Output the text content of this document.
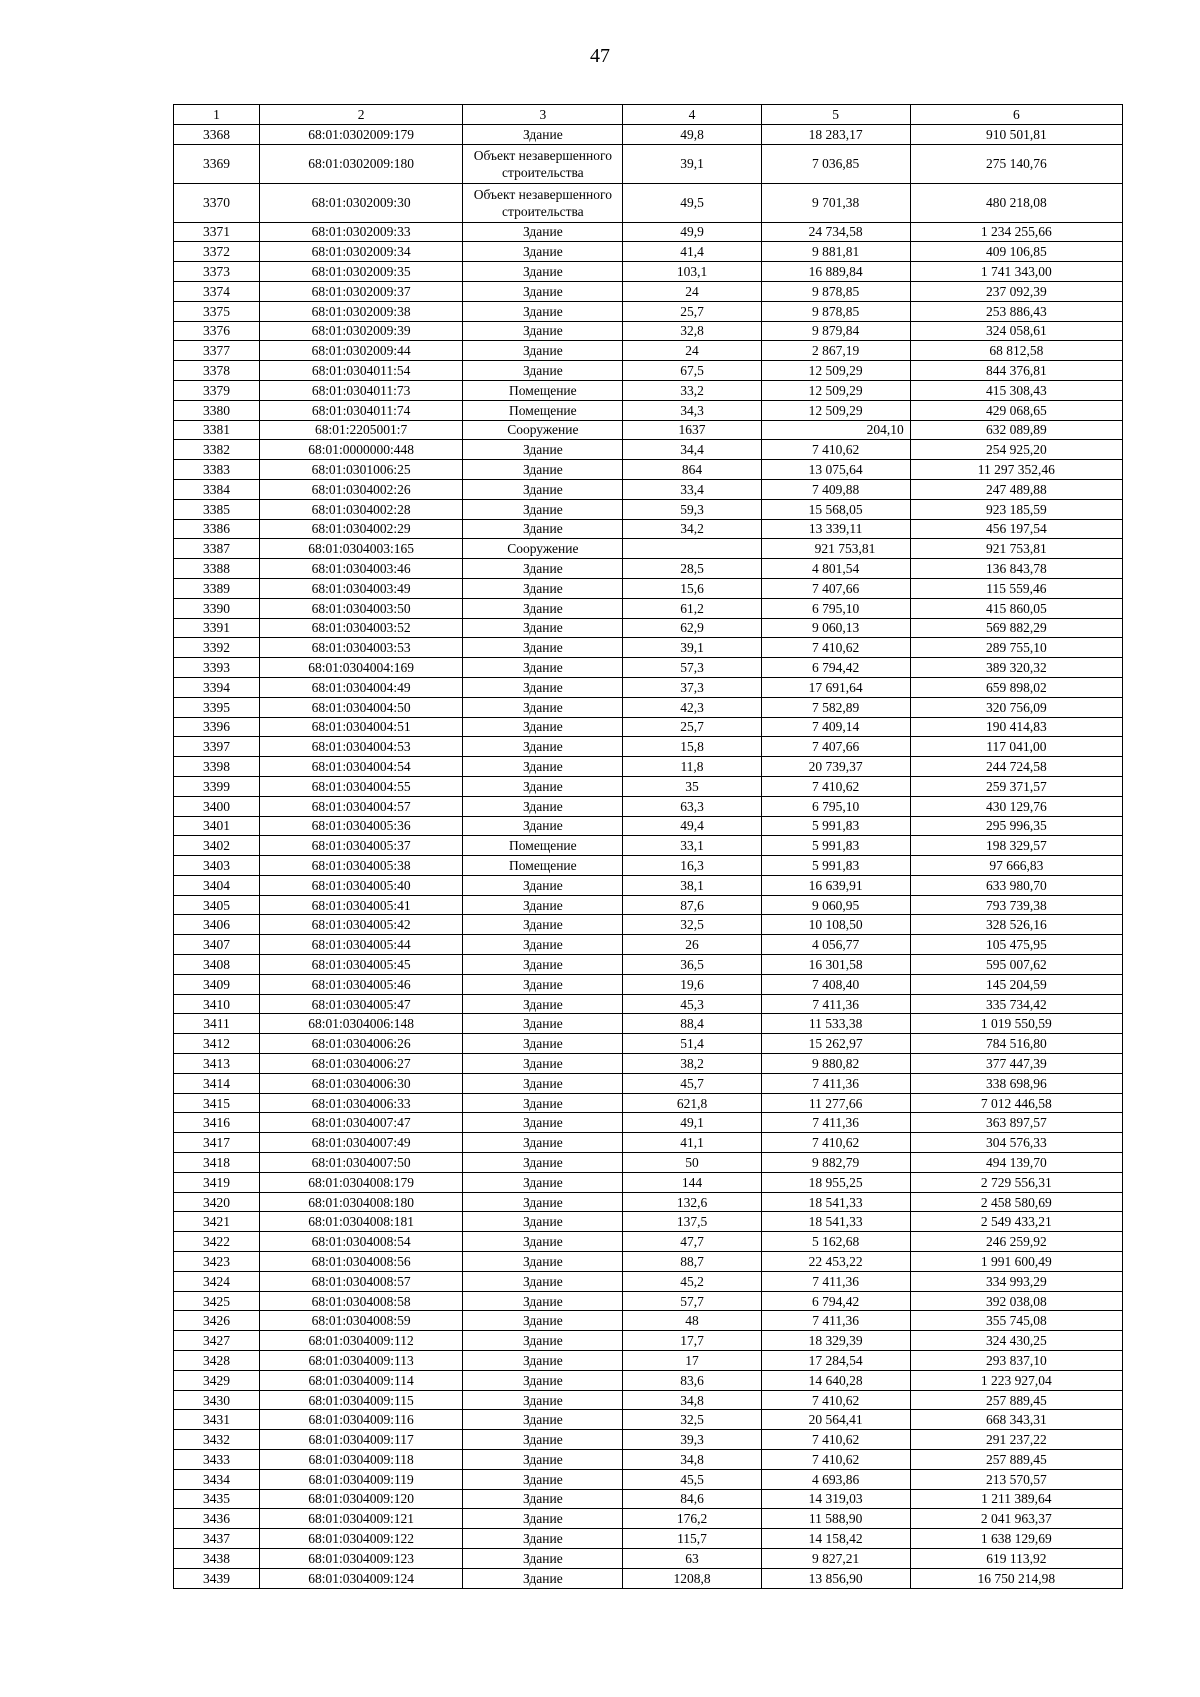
47
1	2	3	4	5	6
3368	68:01:0302009:179	Здание	49,8	18 283,17	910 501,81
3369	68:01:0302009:180	Объект незавершенного строительства	39,1	7 036,85	275 140,76
3370	68:01:0302009:30	Объект незавершенного строительства	49,5	9 701,38	480 218,08
3371	68:01:0302009:33	Здание	49,9	24 734,58	1 234 255,66
3372	68:01:0302009:34	Здание	41,4	9 881,81	409 106,85
3373	68:01:0302009:35	Здание	103,1	16 889,84	1 741 343,00
3374	68:01:0302009:37	Здание	24	9 878,85	237 092,39
3375	68:01:0302009:38	Здание	25,7	9 878,85	253 886,43
3376	68:01:0302009:39	Здание	32,8	9 879,84	324 058,61
3377	68:01:0302009:44	Здание	24	2 867,19	68 812,58
3378	68:01:0304011:54	Здание	67,5	12 509,29	844 376,81
3379	68:01:0304011:73	Помещение	33,2	12 509,29	415 308,43
3380	68:01:0304011:74	Помещение	34,3	12 509,29	429 068,65
3381	68:01:2205001:7	Сооружение	1637	204,10	632 089,89
3382	68:01:0000000:448	Здание	34,4	7 410,62	254 925,20
3383	68:01:0301006:25	Здание	864	13 075,64	11 297 352,46
3384	68:01:0304002:26	Здание	33,4	7 409,88	247 489,88
3385	68:01:0304002:28	Здание	59,3	15 568,05	923 185,59
3386	68:01:0304002:29	Здание	34,2	13 339,11	456 197,54
3387	68:01:0304003:165	Сооружение		921 753,81	921 753,81
3388	68:01:0304003:46	Здание	28,5	4 801,54	136 843,78
3389	68:01:0304003:49	Здание	15,6	7 407,66	115 559,46
3390	68:01:0304003:50	Здание	61,2	6 795,10	415 860,05
3391	68:01:0304003:52	Здание	62,9	9 060,13	569 882,29
3392	68:01:0304003:53	Здание	39,1	7 410,62	289 755,10
3393	68:01:0304004:169	Здание	57,3	6 794,42	389 320,32
3394	68:01:0304004:49	Здание	37,3	17 691,64	659 898,02
3395	68:01:0304004:50	Здание	42,3	7 582,89	320 756,09
3396	68:01:0304004:51	Здание	25,7	7 409,14	190 414,83
3397	68:01:0304004:53	Здание	15,8	7 407,66	117 041,00
3398	68:01:0304004:54	Здание	11,8	20 739,37	244 724,58
3399	68:01:0304004:55	Здание	35	7 410,62	259 371,57
3400	68:01:0304004:57	Здание	63,3	6 795,10	430 129,76
3401	68:01:0304005:36	Здание	49,4	5 991,83	295 996,35
3402	68:01:0304005:37	Помещение	33,1	5 991,83	198 329,57
3403	68:01:0304005:38	Помещение	16,3	5 991,83	97 666,83
3404	68:01:0304005:40	Здание	38,1	16 639,91	633 980,70
3405	68:01:0304005:41	Здание	87,6	9 060,95	793 739,38
3406	68:01:0304005:42	Здание	32,5	10 108,50	328 526,16
3407	68:01:0304005:44	Здание	26	4 056,77	105 475,95
3408	68:01:0304005:45	Здание	36,5	16 301,58	595 007,62
3409	68:01:0304005:46	Здание	19,6	7 408,40	145 204,59
3410	68:01:0304005:47	Здание	45,3	7 411,36	335 734,42
3411	68:01:0304006:148	Здание	88,4	11 533,38	1 019 550,59
3412	68:01:0304006:26	Здание	51,4	15 262,97	784 516,80
3413	68:01:0304006:27	Здание	38,2	9 880,82	377 447,39
3414	68:01:0304006:30	Здание	45,7	7 411,36	338 698,96
3415	68:01:0304006:33	Здание	621,8	11 277,66	7 012 446,58
3416	68:01:0304007:47	Здание	49,1	7 411,36	363 897,57
3417	68:01:0304007:49	Здание	41,1	7 410,62	304 576,33
3418	68:01:0304007:50	Здание	50	9 882,79	494 139,70
3419	68:01:0304008:179	Здание	144	18 955,25	2 729 556,31
3420	68:01:0304008:180	Здание	132,6	18 541,33	2 458 580,69
3421	68:01:0304008:181	Здание	137,5	18 541,33	2 549 433,21
3422	68:01:0304008:54	Здание	47,7	5 162,68	246 259,92
3423	68:01:0304008:56	Здание	88,7	22 453,22	1 991 600,49
3424	68:01:0304008:57	Здание	45,2	7 411,36	334 993,29
3425	68:01:0304008:58	Здание	57,7	6 794,42	392 038,08
3426	68:01:0304008:59	Здание	48	7 411,36	355 745,08
3427	68:01:0304009:112	Здание	17,7	18 329,39	324 430,25
3428	68:01:0304009:113	Здание	17	17 284,54	293 837,10
3429	68:01:0304009:114	Здание	83,6	14 640,28	1 223 927,04
3430	68:01:0304009:115	Здание	34,8	7 410,62	257 889,45
3431	68:01:0304009:116	Здание	32,5	20 564,41	668 343,31
3432	68:01:0304009:117	Здание	39,3	7 410,62	291 237,22
3433	68:01:0304009:118	Здание	34,8	7 410,62	257 889,45
3434	68:01:0304009:119	Здание	45,5	4 693,86	213 570,57
3435	68:01:0304009:120	Здание	84,6	14 319,03	1 211 389,64
3436	68:01:0304009:121	Здание	176,2	11 588,90	2 041 963,37
3437	68:01:0304009:122	Здание	115,7	14 158,42	1 638 129,69
3438	68:01:0304009:123	Здание	63	9 827,21	619 113,92
3439	68:01:0304009:124	Здание	1208,8	13 856,90	16 750 214,98
